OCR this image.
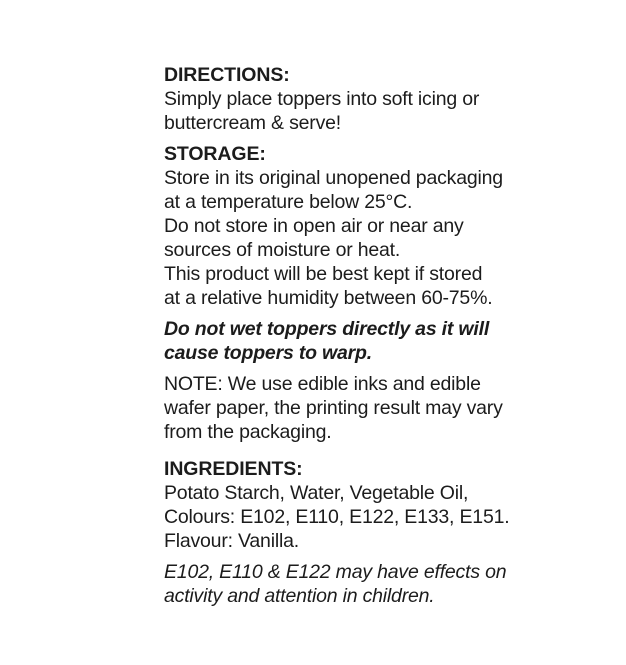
DIRECTIONS:
Simply place toppers into soft icing or
buttercream & serve!
STORAGE:
Store in its original unopened packaging
at a temperature below 25°C.
Do not store in open air or near any
sources of moisture or heat.
This product will be best kept if stored
at a relative humidity between 60-75%.
Do not wet toppers directly as it will
cause toppers to warp.
NOTE: We use edible inks and edible
wafer paper, the printing result may vary
from the packaging.
INGREDIENTS:
Potato Starch, Water, Vegetable Oil,
Colours: E102, E110, E122, E133, E151.
Flavour: Vanilla.
E102, E110 & E122 may have effects on
activity and attention in children.
